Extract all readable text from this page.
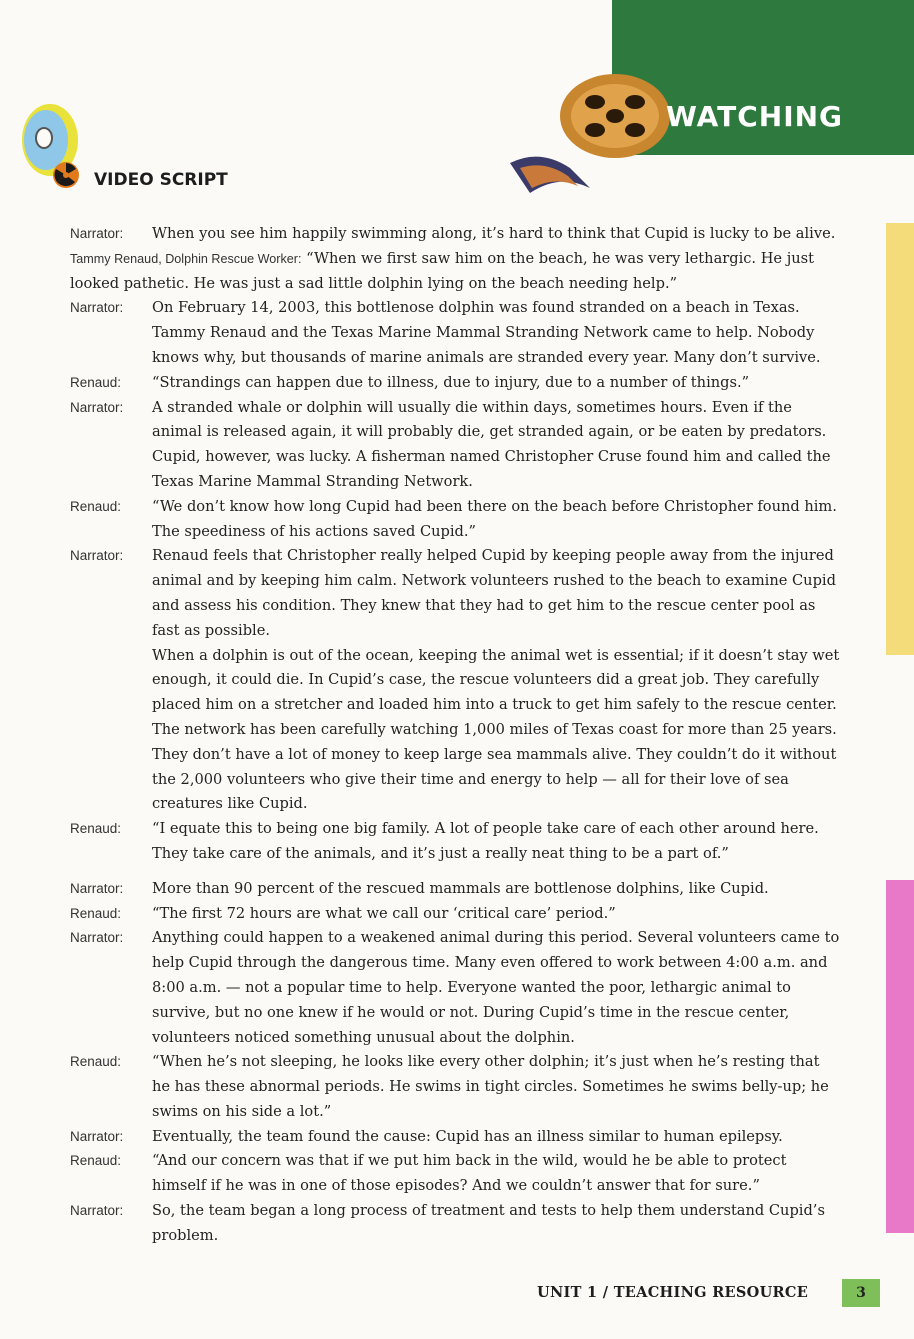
WATCHING
VIDEO SCRIPT

Narrator: When you see him happily swimming along, it’s hard to think that Cupid is lucky to be alive.

Tammy Renaud, Dolphin Rescue Worker: “When we first saw him on the beach, he was very lethargic. He just looked pathetic. He was just a sad little dolphin lying on the beach needing help.”

Narrator: On February 14, 2003, this bottlenose dolphin was found stranded on a beach in Texas. Tammy Renaud and the Texas Marine Mammal Stranding Network came to help. Nobody knows why, but thousands of marine animals are stranded every year. Many don’t survive.

Renaud: “Strandings can happen due to illness, due to injury, due to a number of things.”

Narrator: A stranded whale or dolphin will usually die within days, sometimes hours. Even if the animal is released again, it will probably die, get stranded again, or be eaten by predators. Cupid, however, was lucky. A fisherman named Christopher Cruse found him and called the Texas Marine Mammal Stranding Network.

Renaud: “We don’t know how long Cupid had been there on the beach before Christopher found him. The speediness of his actions saved Cupid.”

Narrator: Renaud feels that Christopher really helped Cupid by keeping people away from the injured animal and by keeping him calm. Network volunteers rushed to the beach to examine Cupid and assess his condition. They knew that they had to get him to the rescue center pool as fast as possible.

When a dolphin is out of the ocean, keeping the animal wet is essential; if it doesn’t stay wet enough, it could die. In Cupid’s case, the rescue volunteers did a great job. They carefully placed him on a stretcher and loaded him into a truck to get him safely to the rescue center. The network has been carefully watching 1,000 miles of Texas coast for more than 25 years. They don’t have a lot of money to keep large sea mammals alive. They couldn’t do it without the 2,000 volunteers who give their time and energy to help — all for their love of sea creatures like Cupid.

Renaud: “I equate this to being one big family. A lot of people take care of each other around here. They take care of the animals, and it’s just a really neat thing to be a part of.”

Narrator: More than 90 percent of the rescued mammals are bottlenose dolphins, like Cupid.

Renaud: “The first 72 hours are what we call our ‘critical care’ period.”

Narrator: Anything could happen to a weakened animal during this period. Several volunteers came to help Cupid through the dangerous time. Many even offered to work between 4:00 a.m. and 8:00 a.m. — not a popular time to help. Everyone wanted the poor, lethargic animal to survive, but no one knew if he would or not. During Cupid’s time in the rescue center, volunteers noticed something unusual about the dolphin.

Renaud: “When he’s not sleeping, he looks like every other dolphin; it’s just when he’s resting that he has these abnormal periods. He swims in tight circles. Sometimes he swims belly-up; he swims on his side a lot.”

Narrator: Eventually, the team found the cause: Cupid has an illness similar to human epilepsy.

Renaud: “And our concern was that if we put him back in the wild, would he be able to protect himself if he was in one of those episodes? And we couldn’t answer that for sure.”

Narrator: So, the team began a long process of treatment and tests to help them understand Cupid’s problem.

UNIT 1 / TEACHING RESOURCE	3
